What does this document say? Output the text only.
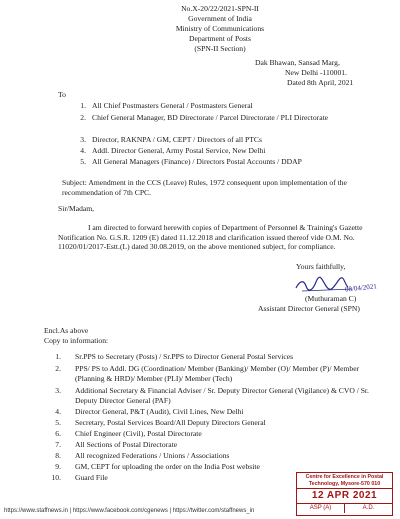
No.X-20/22/2021-SPN-II
Government of India
Ministry of Communications
Department of Posts
(SPN-II Section)
Dak Bhawan, Sansad Marg,
New Delhi -110001.
Dated 8th April, 2021
To
1. All Chief Postmasters General / Postmasters General
2. Chief General Manager, BD Directorate / Parcel Directorate / PLI Directorate
3. Director, RAKNPA / GM, CEPT / Directors of all PTCs
4. Addl. Director General, Army Postal Service, New Delhi
5. All General Managers (Finance) / Directors Postal Accounts / DDAP
Subject: Amendment in the CCS (Leave) Rules, 1972 consequent upon implementation of the recommendation of 7th CPC.
Sir/Madam,
I am directed to forward herewith copies of Department of Personnel & Training's Gazette Notification No. G.S.R. 1209 (E) dated 11.12.2018 and clarification issued thereof vide O.M. No. 11020/01/2017-Estt.(L) dated 30.08.2019, on the above mentioned subject, for compliance.
Yours faithfully,
08/04/2021
(Muthuraman C)
Assistant Director General (SPN)
Encl.As above
Copy to information:
1. Sr.PPS to Secretary (Posts) / Sr.PPS to Director General Postal Services
2. PPS/ PS to Addl. DG (Coordination/ Member (Banking)/ Member (O)/ Member (P)/ Member (Planning & HRD)/ Member (PLI)/ Member (Tech)
3. Additional Secretary & Financial Adviser / Sr. Deputy Director General (Vigilance) & CVO / Sr. Deputy Director General (PAF)
4. Director General, P&T (Audit), Civil Lines, New Delhi
5. Secretary, Postal Services Board/All Deputy Directors General
6. Chief Engineer (Civil), Postal Directorate
7. All Sections of Postal Directorate
8. All recognized Federations / Unions / Associations
9. GM, CEPT for uploading the order on the India Post website
10. Guard File	Centre for Excellence in Postal Technology, Mysore-570 010
12 APR 2021
ASP (A)	A.D.
https://www.staffnews.in | https://www.facebook.com/cgenews | https://twitter.com/staffnews_in
